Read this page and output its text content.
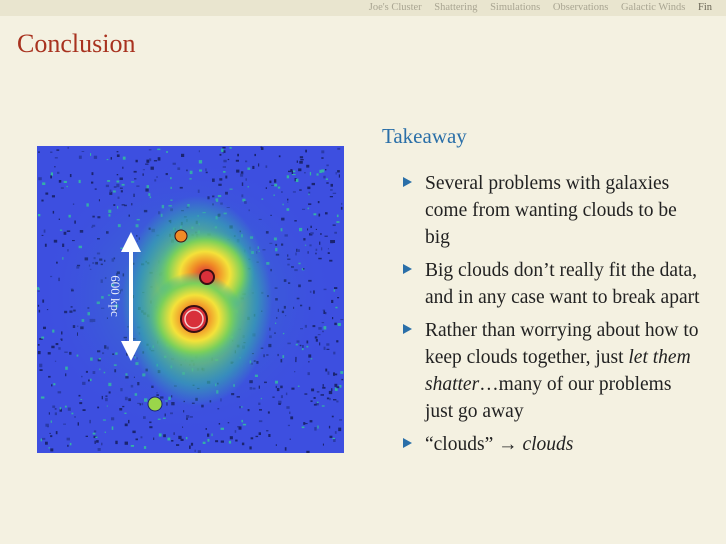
Joe's Cluster Shattering Simulations Observations Galactic Winds Fin
Conclusion
600 kpc
Takeaway
Several problems with galaxies come from wanting clouds to be big
Big clouds don’t really fit the data, and in any case want to break apart
Rather than worrying about how to keep clouds together, just let them shatter…many of our problems just go away
“clouds” → clouds
